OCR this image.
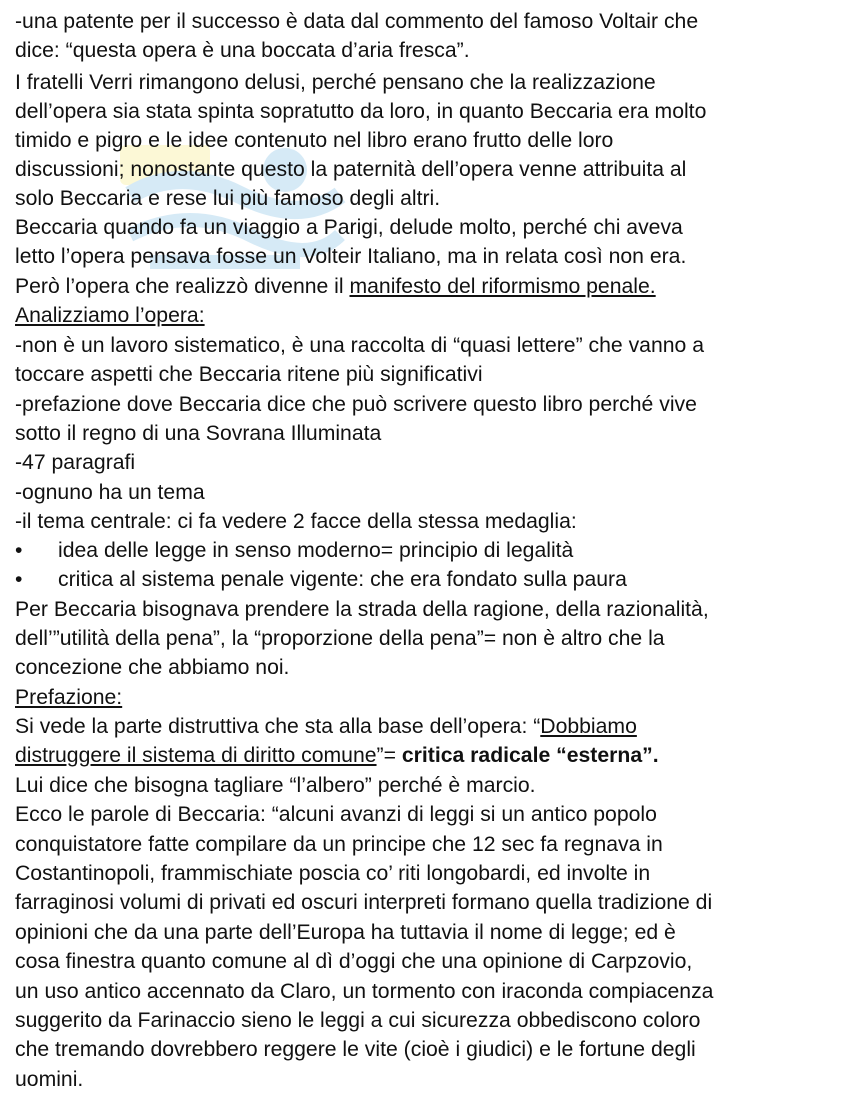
-una patente per il successo è data dal commento del famoso Voltair che
dice: “questa opera è una boccata d’aria fresca”.
I fratelli Verri rimangono delusi, perché pensano che la realizzazione
dell’opera sia stata spinta sopratutto da loro, in quanto Beccaria era molto
timido e pigro e le idee contenuto nel libro erano frutto delle loro
discussioni; nonostante questo la paternità dell’opera venne attribuita al
solo Beccaria e rese lui più famoso degli altri.
Beccaria quando fa un viaggio a Parigi, delude molto, perché chi aveva
letto l’opera pensava fosse un Volteir Italiano, ma in relata così non era.
Però l’opera che realizzò divenne il manifesto del riformismo penale.
Analizziamo l’opera:
-non è un lavoro sistematico, è una raccolta di “quasi lettere” che vanno a
toccare aspetti che Beccaria ritene più significativi
-prefazione dove Beccaria dice che può scrivere questo libro perché vive
sotto il regno di una Sovrana Illuminata
-47 paragrafi
-ognuno ha un tema
-il tema centrale: ci fa vedere 2 facce della stessa medaglia:
• idea delle legge in senso moderno= principio di legalità
• critica al sistema penale vigente: che era fondato sulla paura
Per Beccaria bisognava prendere la strada della ragione, della razionalità,
dell’”utilità della pena”, la “proporzione della pena”= non è altro che la
concezione che abbiamo noi.
Prefazione:
Si vede la parte distruttiva che sta alla base dell’opera: “Dobbiamo
distruggere il sistema di diritto comune”= critica radicale “esterna”.
Lui dice che bisogna tagliare “l’albero” perché è marcio.
Ecco le parole di Beccaria: “alcuni avanzi di leggi si un antico popolo
conquistatore fatte compilare da un principe che 12 sec fa regnava in
Costantinopoli, frammischiate poscia co’ riti longobardi, ed involte in
farraginosi volumi di privati ed oscuri interpreti formano quella tradizione di
opinioni che da una parte dell’Europa ha tuttavia il nome di legge; ed è
cosa finestra quanto comune al dì d’oggi che una opinione di Carpzovio,
un uso antico accennato da Claro, un tormento con iraconda compiacenza
suggerito da Farinaccio sieno le leggi a cui sicurezza obbediscono coloro
che tremando dovrebbero reggere le vite (cioè i giudici) e le fortune degli
uomini.
